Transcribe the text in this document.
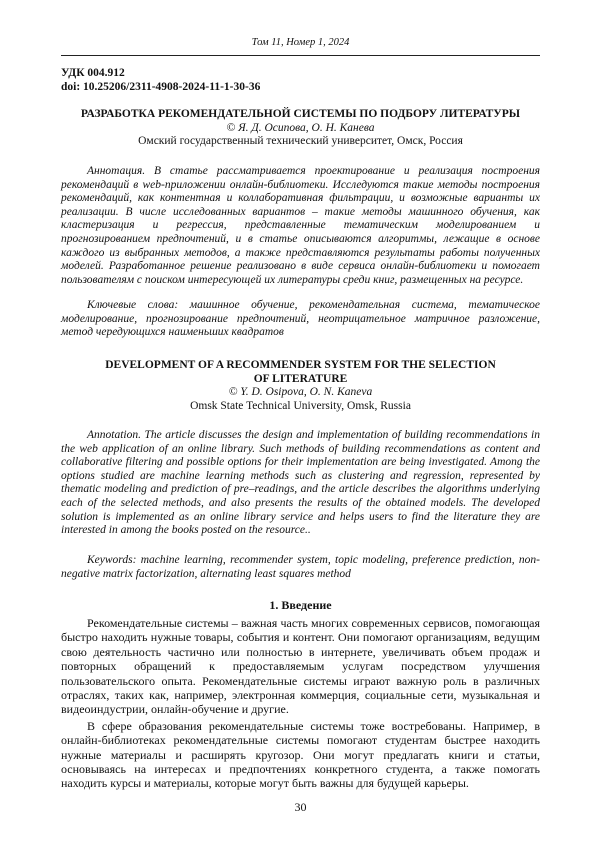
Том 11, Номер 1, 2024
УДК 004.912
doi: 10.25206/2311-4908-2024-11-1-30-36
РАЗРАБОТКА РЕКОМЕНДАТЕЛЬНОЙ СИСТЕМЫ ПО ПОДБОРУ ЛИТЕРАТУРЫ
© Я. Д. Осипова, О. Н. Канева
Омский государственный технический университет, Омск, Россия

Аннотация. В статье рассматривается проектирование и реализация построения рекомендаций в web-приложении онлайн-библиотеки. Исследуются такие методы построения рекомендаций, как контентная и коллаборативная фильтрации, и возможные варианты их реализации. В числе исследованных вариантов – такие методы машинного обучения, как кластеризация и регрессия, представленные тематическим моделированием и прогнозированием предпочтений, и в статье описываются алгоритмы, лежащие в основе каждого из выбранных методов, а также представляются результаты работы полученных моделей. Разработанное решение реализовано в виде сервиса онлайн-библиотеки и помогает пользователям с поиском интересующей их литературы среди книг, размещенных на ресурсе.

Ключевые слова: машинное обучение, рекомендательная система, тематическое моделирование, прогнозирование предпочтений, неотрицательное матричное разложение, метод чередующихся наименьших квадратов

DEVELOPMENT OF A RECOMMENDER SYSTEM FOR THE SELECTION
OF LITERATURE
© Y. D. Osipova, O. N. Kaneva
Omsk State Technical University, Omsk, Russia

Annotation. The article discusses the design and implementation of building recommendations in the web application of an online library. Such methods of building recommendations as content and collaborative filtering and possible options for their implementation are being investigated. Among the options studied are machine learning methods such as clustering and regression, represented by thematic modeling and prediction of pre–readings, and the article describes the algorithms underlying each of the selected methods, and also presents the results of the obtained models. The developed solution is implemented as an online library service and helps users to find the literature they are interested in among the books posted on the resource..

Keywords: machine learning, recommender system, topic modeling, preference prediction, non-negative matrix factorization, alternating least squares method

1. Введение

Рекомендательные системы – важная часть многих современных сервисов, помогающая быстро находить нужные товары, события и контент. Они помогают организациям, ведущим свою деятельность частично или полностью в интернете, увеличивать объем продаж и повторных обращений к предоставляемым услугам посредством улучшения пользовательского опыта. Рекомендательные системы играют важную роль в различных отраслях, таких как, например, электронная коммерция, социальные сети, музыкальная и видеоиндустрии, онлайн-обучение и другие.

В сфере образования рекомендательные системы тоже востребованы. Например, в онлайн-библиотеках рекомендательные системы помогают студентам быстрее находить нужные материалы и расширять кругозор. Они могут предлагать книги и статьи, основываясь на интересах и предпочтениях конкретного студента, а также помогать находить курсы и материалы, которые могут быть важны для будущей карьеры.

30
